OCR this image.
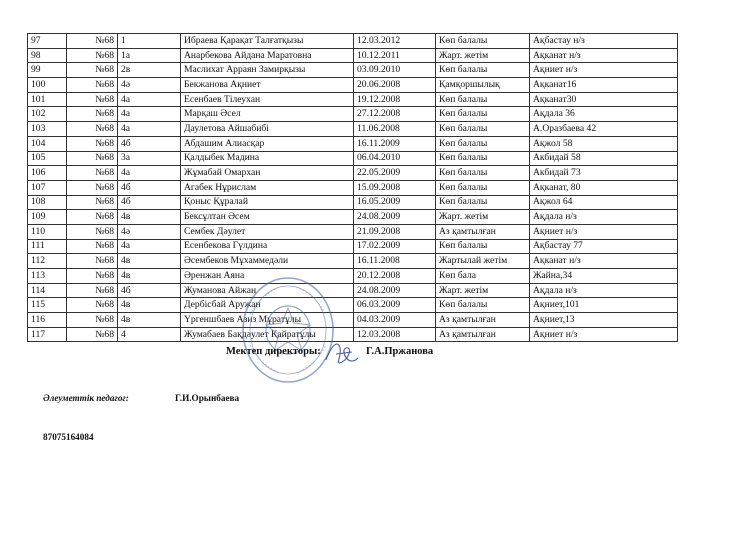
97	№68	1	Ибраева Қарақат Талғатқызы	12.03.2012	Көп балалы	Ақбастау н/з
98	№68	1а	Анарбекова Айдана Маратовна	10.12.2011	Жарт. жетім	Ақканат н/з
99	№68	2в	Маслихат Арраян Замирқызы	03.09.2010	Көп балалы	Ақниет н/з
100	№68	4ә	Бекжанова Ақниет	20.06.2008	Қамқоршылық	Ақканат16
101	№68	4а	Есенбаев Тілеухан	19.12.2008	Көп балалы	Ақканат30
102	№68	4а	Марқаш Әсел	27.12.2008	Көп балалы	Ақдала 36
103	№68	4а	Даулетова Айшабибі	11.06.2008	Көп балалы	А.Оразбаева 42
104	№68	4б	Абдашим Алиасқар	16.11.2009	Көп балалы	Ақжол 58
105	№68	3а	Қалдыбек Мадина	06.04.2010	Көп балалы	Акбидай 58
106	№68	4а	Жұмабай Омархан	22.05.2009	Көп балалы	Акбидай 73
107	№68	4б	Агабек Нұрислам	15.09.2008	Көп балалы	Ақканат, 80
108	№68	4б	Қоныс Құралай	16.05.2009	Көп балалы	Ақжол 64
109	№68	4в	Бексұлтан Әсем	24.08.2009	Жарт. жетім	Ақдала н/з
110	№68	4ә	Сембек Дәулет	21.09.2008	Аз қамтылған	Ақниет н/з
111	№68	4а	Есенбекова Гүлдина	17.02.2009	Көп балалы	Ақбастау 77
112	№68	4в	Әсембеков Мұхаммедәли	16.11.2008	Жартылай жетім	Ақканат н/з
113	№68	4в	Әренжан Аяна	20.12.2008	Көп бала	Жайна,34
114	№68	4б	Жуманова Айжан	24.08.2009	Жарт. жетім	Ақдала н/з
115	№68	4в	Дербісбай Аружан	06.03.2009	Көп балалы	Ақниет,101
116	№68	4в	Үргеншбаев Азиз Мұратұлы	04.03.2009	Аз қамтылған	Ақниет,13
117	№68	4	Жумабаев Бақдәулет Қайратұлы	12.03.2008	Аз қамтылған	Ақниет н/з
Мектеп директоры:	Г.А.Пржанова
Әлеуметтік педагог:	Г.И.Орынбаева
87075164084
